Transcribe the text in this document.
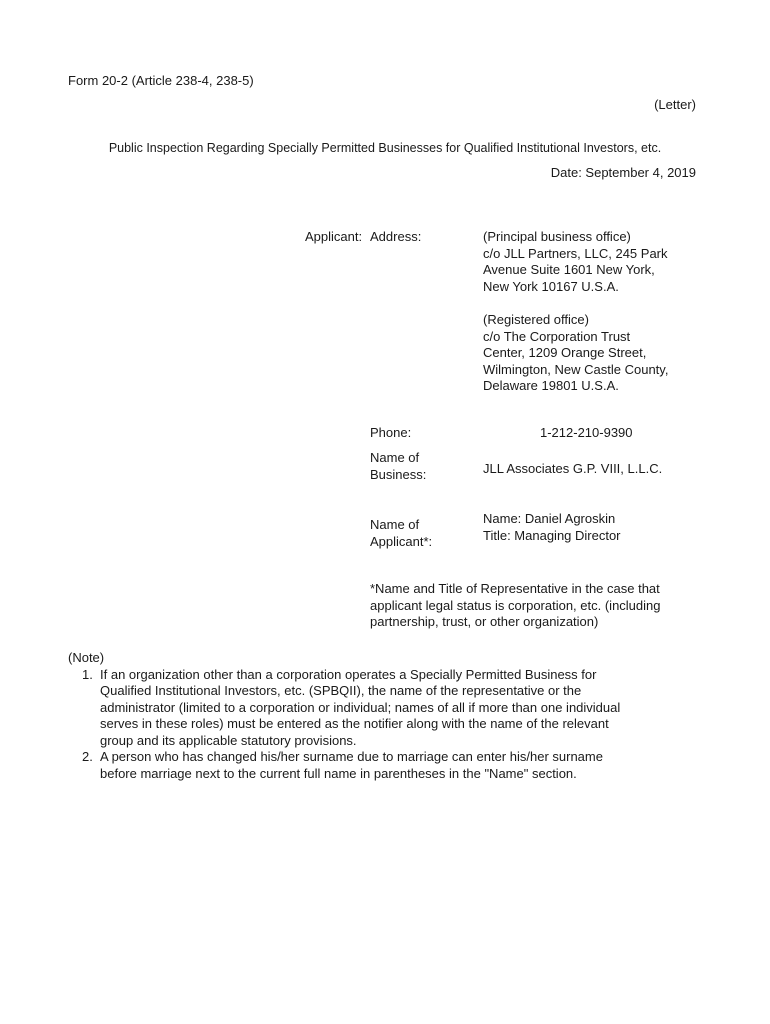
Form 20-2 (Article 238-4, 238-5)
(Letter)
Public Inspection Regarding Specially Permitted Businesses for Qualified Institutional Investors, etc.
Date: September 4, 2019
Applicant: Address:	(Principal business office)
c/o JLL Partners, LLC, 245 Park
Avenue Suite 1601 New York,
New York 10167 U.S.A.
(Registered office)
c/o The Corporation Trust
Center, 1209 Orange Street,
Wilmington, New Castle County,
Delaware 19801 U.S.A.
Phone:	1-212-210-9390
Name of
Business:	JLL Associates G.P. VIII, L.L.C.
Name of
Applicant*:
Name: Daniel Agroskin
Title: Managing Director
*Name and Title of Representative in the case that
applicant legal status is corporation, etc. (including
partnership, trust, or other organization)
(Note)
1. If an organization other than a corporation operates a Specially Permitted Business for
Qualified Institutional Investors, etc. (SPBQII), the name of the representative or the
administrator (limited to a corporation or individual; names of all if more than one individual
serves in these roles) must be entered as the notifier along with the name of the relevant
group and its applicable statutory provisions.
2. A person who has changed his/her surname due to marriage can enter his/her surname
before marriage next to the current full name in parentheses in the "Name" section.
